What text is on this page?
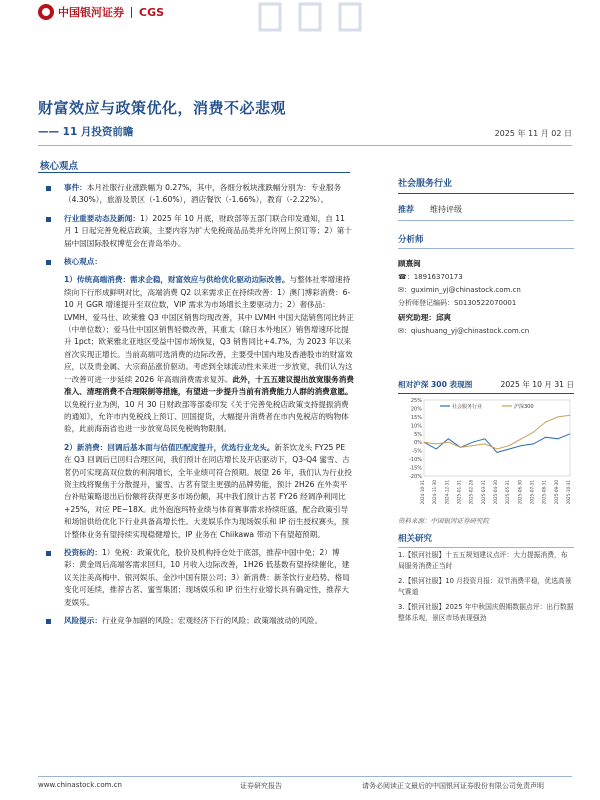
中国银河证券 CGS
财富效应与政策优化，消费不必悲观
—— 11 月投资前瞻	2025 年 11 月 02 日
核心观点
事件：本月社服行业涨跌幅为 0.27%，其中，各细分板块涨跌幅分别为：专业服务（4.30%），旅游及景区（-1.60%），酒店餐饮（-1.66%），教育（-2.22%）。
行业重要动态及新闻：1）2025 年 10 月底，财政部等五部门联合印发通知，自 11 月 1 日起完善免税店政策，主要内容为扩大免税商品品类并允许网上预订等；2）第十届中国国际股权博览会在青岛举办。
核心观点：
1）传统高端消费：需求企稳，财富效应与供给优化驱动边际改善。与整体社零增速持续向下行形成鲜明对比，高端消费 Q2 以来需求正在持续改善：1）澳门博彩消费：6-10 月 GGR 增速提升至双位数，VIP 需求为市场增长主要驱动力；2）奢侈品：LVMH、爱马仕、欧莱雅 Q3 中国区销售均现改善，其中 LVMH 中国大陆销售同比转正（中单位数）；爱马仕中国区销售轻微改善，其重太（除日本外地区）销售增速环比提升 1pct；欧莱雅北亚地区受益中国市场恢复，Q3 销售同比+4.7%，为 2023 年以来首次实现正增长。当前高端可选消费的边际改善，主要受中国内地及香港股市的财富效应，以及贵金属、大宗商品涨价驱动。考虑到全球流动性未来进一步放宽，我们认为这一改善可进一步延续 2026 年高端消费需求复苏。此外，十五五建议提出放宽服务消费准入、清理消费不合理限制等措施，有望进一步提升当前有消费能力人群的消费意愿。以免税行业为例，10 月 30 日财政部等部委印发《关于完善免税店政策支持提振消费的通知》，允许市内免税线上预订、回国提货，大幅提升消费者在市内免税店的购物体验，此前海南省也进一步放宽岛民免税购物限制。
2）新消费：回调后基本面与估值匹配度提升，优选行业龙头。新茶饮龙头 FY25 PE 在 Q3 回调后已回归合理区间，我们预计在同店增长及开店驱动下，Q3-Q4 蜜雪、古茗仍可实现高双位数的利润增长，全年业绩可符合预期。展望 26 年，我们认为行业投资主线将聚焦于分散提升，蜜雪、古茗有望主更强的品牌势能，预计 2H26 在外卖平台补贴策略退出后份额将获得更多市场份额，其中我们预计古茗 FY26 经调净利同比+25%，对应 PE~18X。此外泡泡玛特业绩与体育赛事需求持续旺盛，配合政策引导和场馆供给优化下行业具备高增长性。大麦娱乐作为现场娱乐和 IP 衍生授权赛头，预计整体业务有望持续实现稳健增长，IP 业务在 Chiikawa 带动下有望超预期。
投资标的：1）免税：政策优化，股价及机构持仓处于底部，推荐中国中免；2）博彩：黄金周后高端客需求回归，10 月收入边际改善，1H26 低基数有望持续催化，建议关注美高梅中、银河娱乐、金沙中国有限公司；3）新消费：新茶饮行业趋势、格局变化可延续，推荐古茗、蜜雪集团；现场娱乐和 IP 衍生行业增长具有确定性，推荐大麦娱乐。
风险提示：行业竞争加剧的风险；宏观经济下行的风险；政策端波动的风险。
社会服务行业
推荐 维持评级
分析师
顾熹闽
☎：18916370173
✉：guximin_yj@chinastock.com.cn
分析师登记编码：S0130522070001
研究助理：邱爽
✉：qiushuang_yj@chinastock.com.cn
相对沪深 300 表现图	2025 年 10 月 31 日
25%
20%
15%
10%
5%
0%
-5%
-10%
-15%
-20%
2024-10-31 2024-11-30 2024-12-31 2025-01-31 2025-02-28 2025-03-31 2025-04-30 2025-05-31 2025-06-30 2025-07-31 2025-08-31 2025-09-30 2025-10-31
社会服务行业	沪深300
资料来源：中国银河证券研究院
相关研究
1.【银河社服】十五五规划建议点评：大力提振消费，布局服务消费正当时
2.【银河社服】10 月投资月报：双节消费平稳，优选高景气赛道
3.【银河社服】2025 年中秋国庆假期数据点评：出行数据整体乐观，景区市场表现强劲
www.chinastock.com.cn	证券研究报告	请务必阅读正文最后的中国银河证券股份有限公司免责声明
